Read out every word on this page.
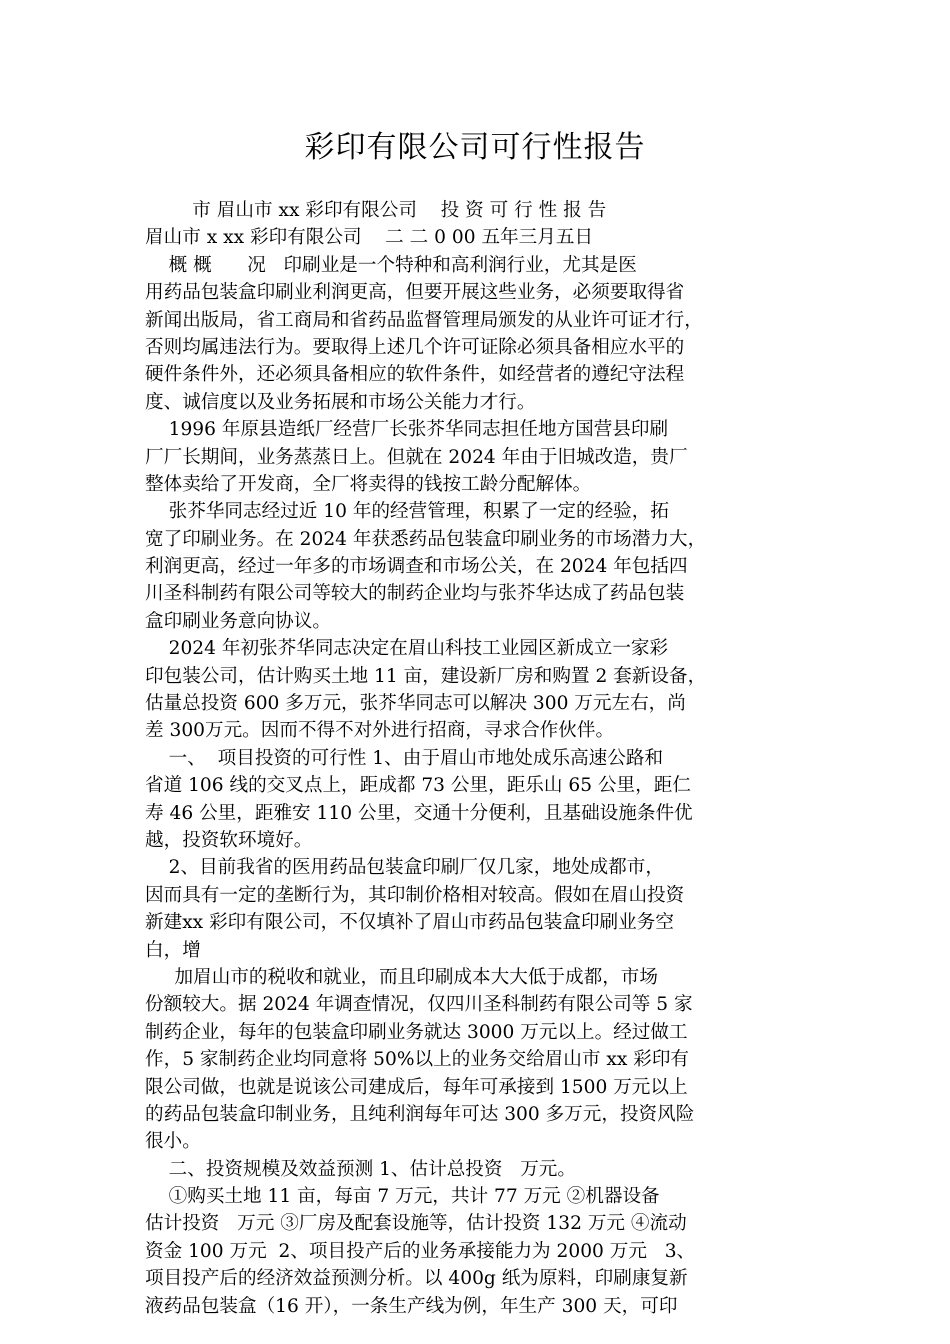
彩印有限公司可行性报告
市 眉山市 xx 彩印有限公司    投 资 可 行 性 报 告
眉山市 x xx 彩印有限公司    二 二 0 00 五年三月五日
概 概      况   印刷业是一个特种和高利润行业，尤其是医
用药品包装盒印刷业利润更高，但要开展这些业务，必须要取得省
新闻出版局，省工商局和省药品监督管理局颁发的从业许可证才行，
否则均属违法行为。要取得上述几个许可证除必须具备相应水平的
硬件条件外，还必须具备相应的软件条件，如经营者的遵纪守法程
度、诚信度以及业务拓展和市场公关能力才行。
1996 年原县造纸厂经营厂长张芥华同志担任地方国营县印刷
厂厂长期间，业务蒸蒸日上。但就在 2024 年由于旧城改造，贵厂
整体卖给了开发商，全厂将卖得的钱按工龄分配解体。
张芥华同志经过近 10 年的经营管理，积累了一定的经验，拓
宽了印刷业务。在 2024 年获悉药品包装盒印刷业务的市场潜力大，
利润更高，经过一年多的市场调查和市场公关，在 2024 年包括四
川圣科制药有限公司等较大的制药企业均与张芥华达成了药品包装
盒印刷业务意向协议。
2024 年初张芥华同志决定在眉山科技工业园区新成立一家彩
印包装公司，估计购买土地 11 亩，建设新厂房和购置 2 套新设备，
估量总投资 600 多万元，张芥华同志可以解决 300 万元左右，尚
差 300万元。因而不得不对外进行招商，寻求合作伙伴。
一、  项目投资的可行性 1、由于眉山市地处成乐高速公路和
省道 106 线的交叉点上，距成都 73 公里，距乐山 65 公里，距仁
寿 46 公里，距雅安 110 公里，交通十分便利，且基础设施条件优
越，投资软环境好。
2、目前我省的医用药品包装盒印刷厂仅几家，地处成都市，
因而具有一定的垄断行为，其印制价格相对较高。假如在眉山投资
新建xx 彩印有限公司，不仅填补了眉山市药品包装盒印刷业务空
白，增
加眉山市的税收和就业，而且印刷成本大大低于成都，市场
份额较大。据 2024 年调查情况，仅四川圣科制药有限公司等 5 家
制药企业，每年的包装盒印刷业务就达 3000 万元以上。经过做工
作，5 家制药企业均同意将 50%以上的业务交给眉山市 xx 彩印有
限公司做，也就是说该公司建成后，每年可承接到 1500 万元以上
的药品包装盒印制业务，且纯利润每年可达 300 多万元，投资风险
很小。
二、投资规模及效益预测 1、估计总投资   万元。
①购买土地 11 亩，每亩 7 万元，共计 77 万元 ②机器设备
估计投资   万元 ③厂房及配套设施等，估计投资 132 万元 ④流动
资金 100 万元  2、项目投产后的业务承接能力为 2000 万元   3、
项目投产后的经济效益预测分析。以 400g 纸为原料，印刷康复新
液药品包装盒（16 开），一条生产线为例，年生产 300 天，可印
